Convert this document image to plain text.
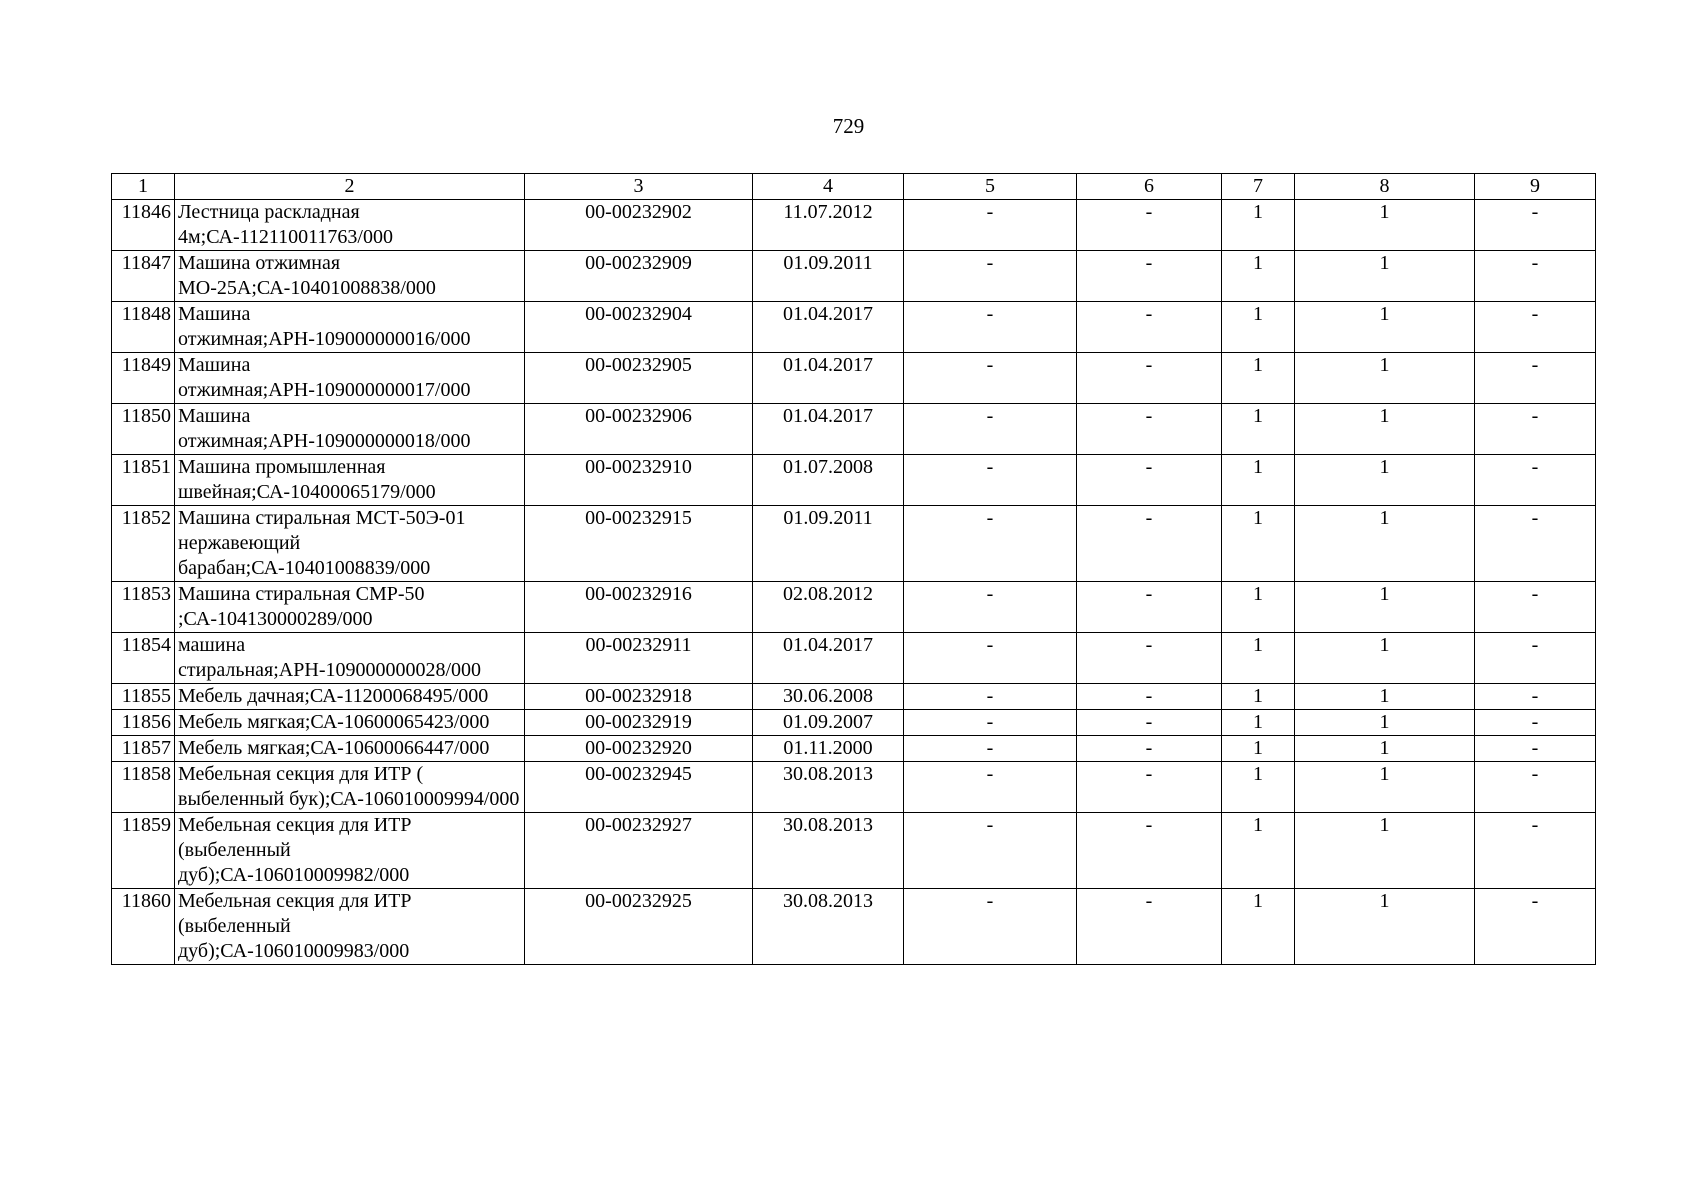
729
1	2	3	4	5	6	7	8	9
11846	Лестница раскладная 4м;СА-112110011763/000	00-00232902	11.07.2012	-	-	1	1	-
11847	Машина отжимная МО-25А;СА-10401008838/000	00-00232909	01.09.2011	-	-	1	1	-
11848	Машина отжимная;АРН-109000000016/000	00-00232904	01.04.2017	-	-	1	1	-
11849	Машина отжимная;АРН-109000000017/000	00-00232905	01.04.2017	-	-	1	1	-
11850	Машина отжимная;АРН-109000000018/000	00-00232906	01.04.2017	-	-	1	1	-
11851	Машина промышленная швейная;СА-10400065179/000	00-00232910	01.07.2008	-	-	1	1	-
11852	Машина стиральная МСТ-50Э-01 нержавеющий барабан;СА-10401008839/000	00-00232915	01.09.2011	-	-	1	1	-
11853	Машина стиральная СМР-50 ;СА-104130000289/000	00-00232916	02.08.2012	-	-	1	1	-
11854	машина стиральная;АРН-109000000028/000	00-00232911	01.04.2017	-	-	1	1	-
11855	Мебель дачная;СА-11200068495/000	00-00232918	30.06.2008	-	-	1	1	-
11856	Мебель мягкая;СА-10600065423/000	00-00232919	01.09.2007	-	-	1	1	-
11857	Мебель мягкая;СА-10600066447/000	00-00232920	01.11.2000	-	-	1	1	-
11858	Мебельная секция для ИТР ( выбеленный бук);СА-106010009994/000	00-00232945	30.08.2013	-	-	1	1	-
11859	Мебельная секция для ИТР (выбеленный дуб);СА-106010009982/000	00-00232927	30.08.2013	-	-	1	1	-
11860	Мебельная секция для ИТР (выбеленный дуб);СА-106010009983/000	00-00232925	30.08.2013	-	-	1	1	-
